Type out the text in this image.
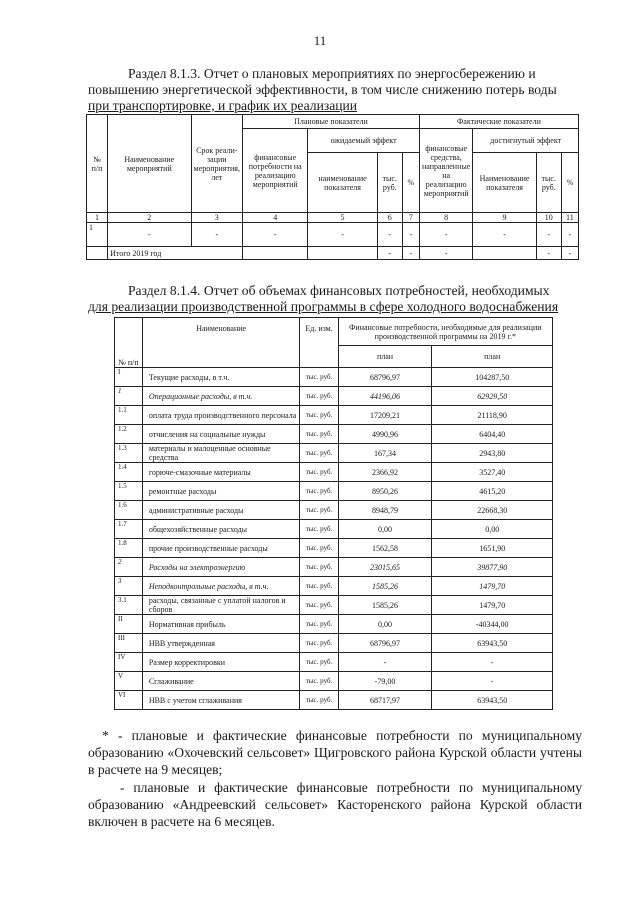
11
Раздел 8.1.3. Отчет о плановых мероприятиях по энергосбережению и
повышению энергетической эффективности, в том числе снижению потерь воды
при транспортировке, и график их реализации
№ п/п	Наименование мероприятий	Срок реали- зации мероприятия, лет	Плановые показатели				Фактические показатели			
			финансовые потребности на реализацию мероприятий	ожидаемый эффект			финансовые средства, направленные на реализацию мероприятий	достигнутый эффект		
				наименование показателя	тыс. руб.	%		Наименование показателя	тыс. руб.	%
1	2	3	4	5	6	7	8	9	10	11
1	-	-	-	-	-	-	-	-	-	-
	Итого 2019 год				-	-	-		-	-
Раздел 8.1.4. Отчет об объемах финансовых потребностей, необходимых
для реализации производственной программы в сфере холодного водоснабжения
№ п/п	Наименование	Ед. изм.	Финансовые потребности, необходимые для реализации производственной программы на 2019 г.*	
			план	план
I	Текущие расходы, в т.ч.	тыс. руб.	68796,97	104287,50
1	Операционные расходы, в т.ч.	тыс. руб.	44196,06	62929,50
1.1	оплата труда производственного персонала	тыс. руб.	17209,21	21118,90
1.2	отчисления на социальные нужды	тыс. руб.	4990,96	6404,40
1.3	материалы и малоценные основные средства	тыс. руб.	167,34	2943,80
1.4	горюче-смазочные материалы	тыс. руб.	2366,92	3527,40
1.5	ремонтные расходы	тыс. руб.	8950,26	4615,20
1.6	административные расходы	тыс. руб.	8948,79	22668,30
1.7	общехозяйственные расходы	тыс. руб.	0,00	0,00
1.8	прочие производственные расходы	тыс. руб.	1562,58	1651,90
2	Расходы на электроэнергию	тыс. руб.	23015,65	39877,90
3	Неподконтрольные расходы, в т.ч.	тыс. руб.	1585,26	1479,70
3.1	расходы, связанные с уплатой налогов и сборов	тыс. руб.	1585,26	1479,70
II	Нормативная прибыль	тыс. руб.	0,00	-40344,00
III	НВВ утвержденная	тыс. руб.	68796,97	63943,50
IV	Размер корректировки	тыс. руб.	-	-
V	Сглаживание	тыс. руб.	-79,00	-
VI	НВВ с учетом сглаживания	тыс. руб.	68717,97	63943,50

* - плановые и фактические финансовые потребности по муниципальному образованию «Охочевский сельсовет» Щигровского района Курской области учтены в расчете на 9 месяцев;

- плановые и фактические финансовые потребности по муниципальному образованию «Андреевский сельсовет» Касторенского района Курской области включен в расчете на 6 месяцев.
